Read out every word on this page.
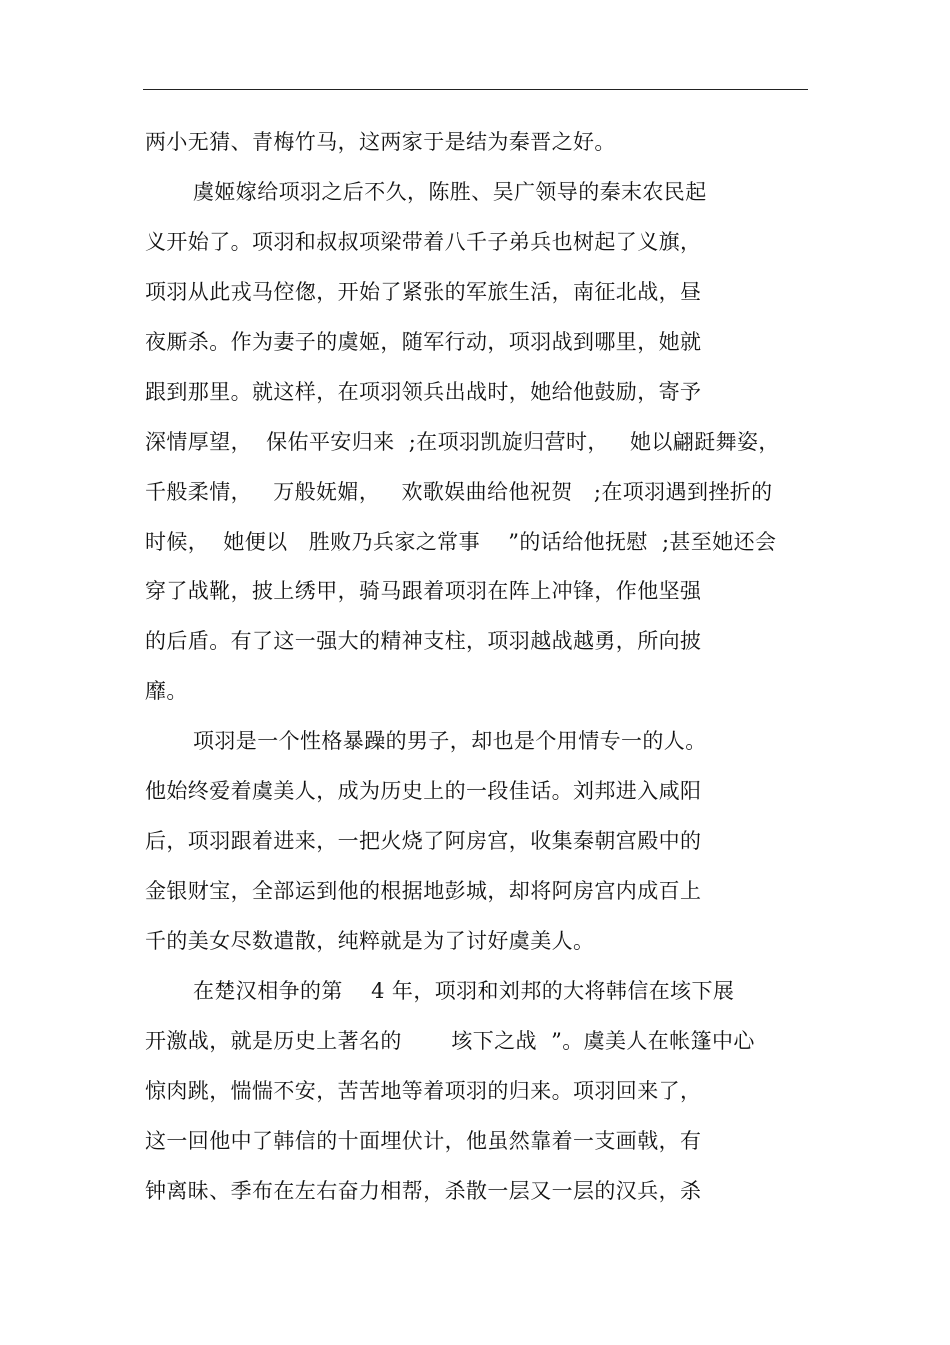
两小无猜、青梅竹马，这两家于是结为秦晋之好。
虞姬嫁给项羽之后不久，陈胜、吴广领导的秦末农民起
义开始了。项羽和叔叔项梁带着八千子弟兵也树起了义旗，
项羽从此戎马倥偬，开始了紧张的军旅生活，南征北战，昼
夜厮杀。作为妻子的虞姬，随军行动，项羽战到哪里，她就
跟到那里。就这样，在项羽领兵出战时，她给他鼓励，寄予
深情厚望，  保佑平安归来  ;在项羽凯旋归营时，   她以翩跹舞姿，
千般柔情，   万般妩媚，   欢歌娱曲给他祝贺   ;在项羽遇到挫折的
时候，  她便以   胜败乃兵家之常事    ”的话给他抚慰  ;甚至她还会
穿了战靴，披上绣甲，骑马跟着项羽在阵上冲锋，作他坚强
的后盾。有了这一强大的精神支柱，项羽越战越勇，所向披
靡。
项羽是一个性格暴躁的男子，却也是个用情专一的人。
他始终爱着虞美人，成为历史上的一段佳话。刘邦进入咸阳
后，项羽跟着进来，一把火烧了阿房宫，收集秦朝宫殿中的
金银财宝，全部运到他的根据地彭城，却将阿房宫内成百上
千的美女尽数遣散，纯粹就是为了讨好虞美人。
在楚汉相争的第    4 年，项羽和刘邦的大将韩信在垓下展
开激战，就是历史上著名的       垓下之战  ”。虞美人在帐篷中心
惊肉跳，惴惴不安，苦苦地等着项羽的归来。项羽回来了，
这一回他中了韩信的十面埋伏计，他虽然靠着一支画戟，有
钟离昧、季布在左右奋力相帮，杀散一层又一层的汉兵，杀
